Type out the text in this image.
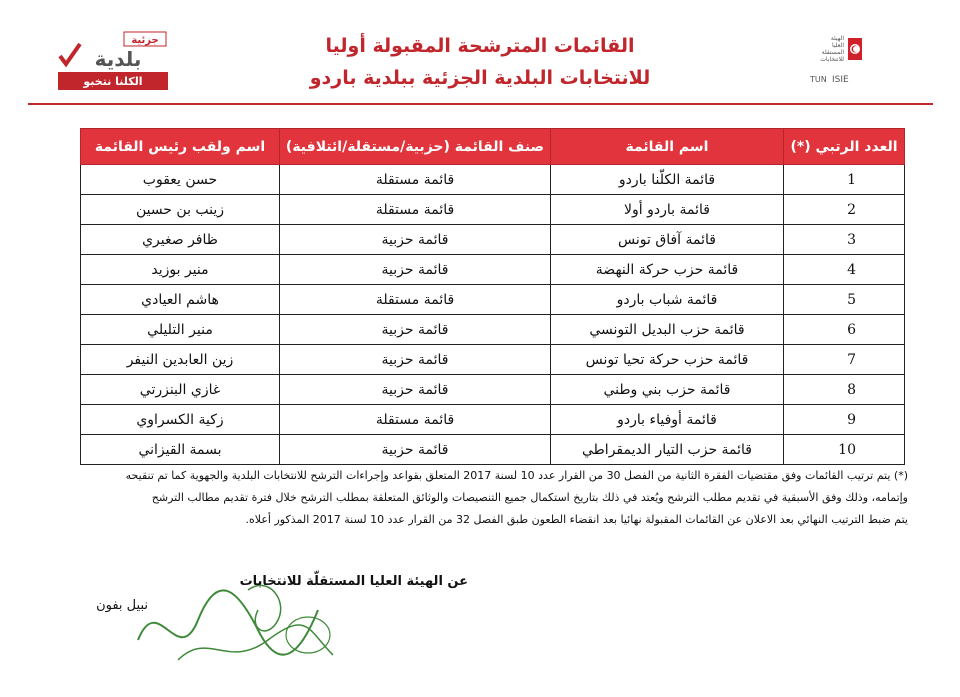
القائمات المترشحة المقبولة أوليا
للانتخابات البلدية الجزئية ببلدية باردو
الهيئة
العليا
المستقلة
للانتخابات
TUN ISIE
جزئية
بلدية
الكلنا نتخبو
العدد الرتبي (*)	اسم القائمة	صنف القائمة (حزبية/مستقلة/ائتلافية)	اسم ولقب رئيس القائمة
1	قائمة الكلّنا باردو	قائمة مستقلة	حسن يعقوب
2	قائمة باردو أولا	قائمة مستقلة	زينب بن حسين
3	قائمة آفاق تونس	قائمة حزبية	ظافر صغيري
4	قائمة حزب حركة النهضة	قائمة حزبية	منير بوزيد
5	قائمة شباب باردو	قائمة مستقلة	هاشم العيادي
6	قائمة حزب البديل التونسي	قائمة حزبية	منير التليلي
7	قائمة حزب حركة تحيا تونس	قائمة حزبية	زين العابدين النيفر
8	قائمة حزب بني وطني	قائمة حزبية	غازي البنزرتي
9	قائمة أوفياء باردو	قائمة مستقلة	زكية الكسراوي
10	قائمة حزب التيار الديمقراطي	قائمة حزبية	بسمة القيزاني

(*) يتم ترتيب القائمات وفق مقتضيات الفقرة الثانية من الفصل 30 من القرار عدد 10 لسنة 2017 المتعلق بقواعد وإجراءات الترشح للانتخابات البلدية والجهوية كما تم تنقيحه

وإتمامه، وذلك وفق الأسبقية في تقديم مطلب الترشح ويُعتد في ذلك بتاريخ استكمال جميع التنصيصات والوثائق المتعلقة بمطلب الترشح خلال فترة تقديم مطالب الترشح

يتم ضبط الترتيب النهائي بعد الاعلان عن القائمات المقبولة نهائيا بعد انقضاء الطعون طبق الفصل 32 من القرار عدد 10 لسنة 2017 المذكور أعلاه.

عن الهيئة العليا المستقلّة للانتخابات
نبيل بفون
